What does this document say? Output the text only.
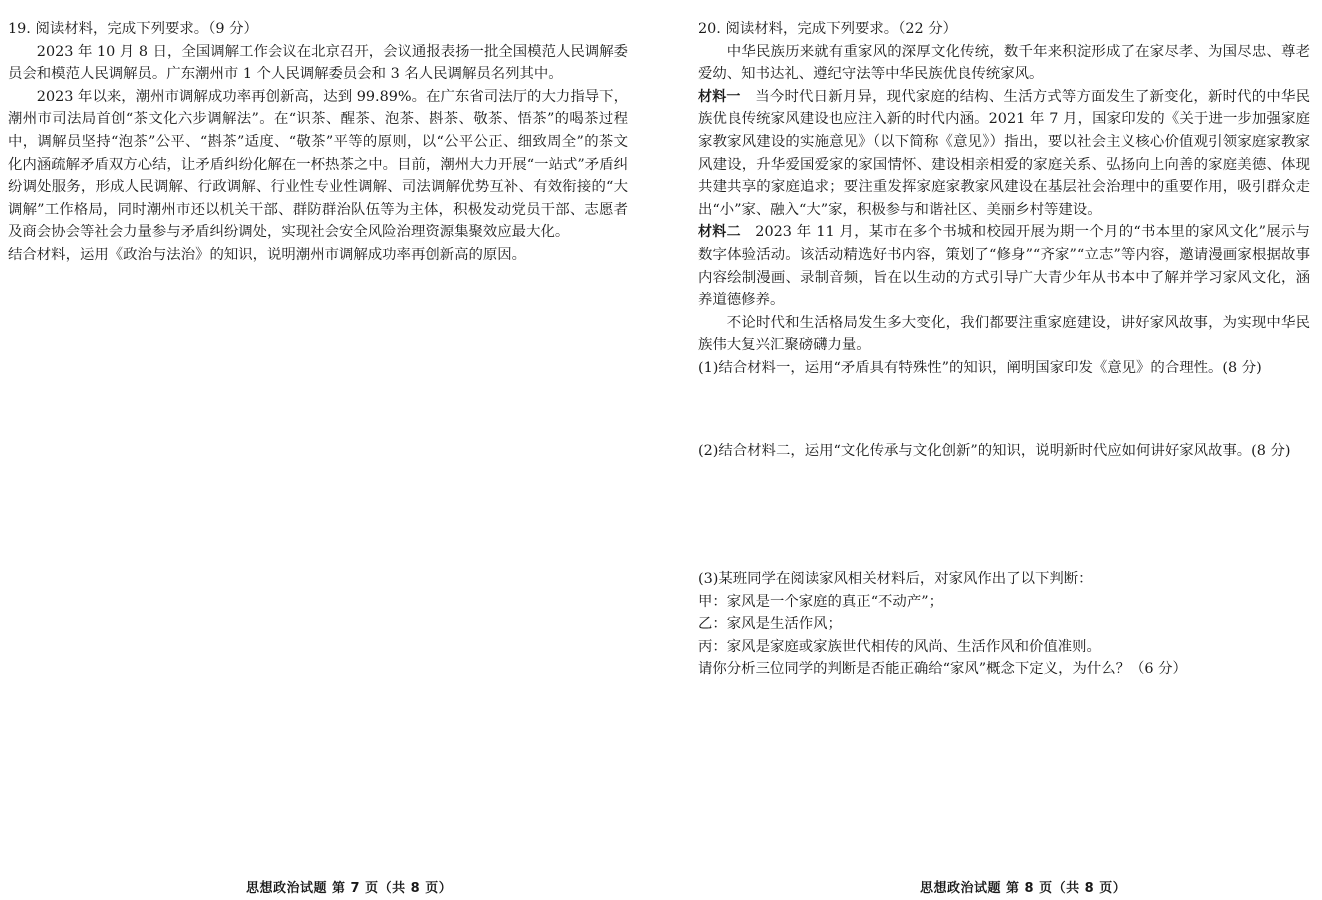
19. 阅读材料，完成下列要求。（9 分）

2023 年 10 月 8 日，全国调解工作会议在北京召开，会议通报表扬一批全国模范人民调解委员会和模范人民调解员。广东潮州市 1 个人民调解委员会和 3 名人民调解员名列其中。

2023 年以来，潮州市调解成功率再创新高，达到 99.89%。在广东省司法厅的大力指导下，潮州市司法局首创“茶文化六步调解法”。在“识茶、醒茶、泡茶、斟茶、敬茶、悟茶”的喝茶过程中，调解员坚持“泡茶”公平、“斟茶”适度、“敬茶”平等的原则，以“公平公正、细致周全”的茶文化内涵疏解矛盾双方心结，让矛盾纠纷化解在一杯热茶之中。目前，潮州大力开展“一站式”矛盾纠纷调处服务，形成人民调解、行政调解、行业性专业性调解、司法调解优势互补、有效衔接的“大调解”工作格局，同时潮州市还以机关干部、群防群治队伍等为主体，积极发动党员干部、志愿者及商会协会等社会力量参与矛盾纠纷调处，实现社会安全风险治理资源集聚效应最大化。

结合材料，运用《政治与法治》的知识，说明潮州市调解成功率再创新高的原因。

20. 阅读材料，完成下列要求。（22 分）

中华民族历来就有重家风的深厚文化传统，数千年来积淀形成了在家尽孝、为国尽忠、尊老爱幼、知书达礼、遵纪守法等中华民族优良传统家风。

材料一  当今时代日新月异，现代家庭的结构、生活方式等方面发生了新变化，新时代的中华民族优良传统家风建设也应注入新的时代内涵。2021 年 7 月，国家印发的《关于进一步加强家庭家教家风建设的实施意见》（以下简称《意见》）指出，要以社会主义核心价值观引领家庭家教家风建设，升华爱国爱家的家国情怀、建设相亲相爱的家庭关系、弘扬向上向善的家庭美德、体现共建共享的家庭追求；要注重发挥家庭家教家风建设在基层社会治理中的重要作用，吸引群众走出“小”家、融入“大”家，积极参与和谐社区、美丽乡村等建设。

材料二  2023 年 11 月，某市在多个书城和校园开展为期一个月的“书本里的家风文化”展示与数字体验活动。该活动精选好书内容，策划了“修身”“齐家”“立志”等内容，邀请漫画家根据故事内容绘制漫画、录制音频，旨在以生动的方式引导广大青少年从书本中了解并学习家风文化，涵养道德修养。

不论时代和生活格局发生多大变化，我们都要注重家庭建设，讲好家风故事，为实现中华民族伟大复兴汇聚磅礴力量。

(1)结合材料一，运用“矛盾具有特殊性”的知识，阐明国家印发《意见》的合理性。(8 分)

(2)结合材料二，运用“文化传承与文化创新”的知识，说明新时代应如何讲好家风故事。(8 分)

(3)某班同学在阅读家风相关材料后，对家风作出了以下判断：

甲：家风是一个家庭的真正“不动产”；

乙：家风是生活作风；

丙：家风是家庭或家族世代相传的风尚、生活作风和价值准则。

请你分析三位同学的判断是否能正确给“家风”概念下定义，为什么？（6 分）

思想政治试题 第 7 页（共 8 页）	思想政治试题 第 8 页（共 8 页）
